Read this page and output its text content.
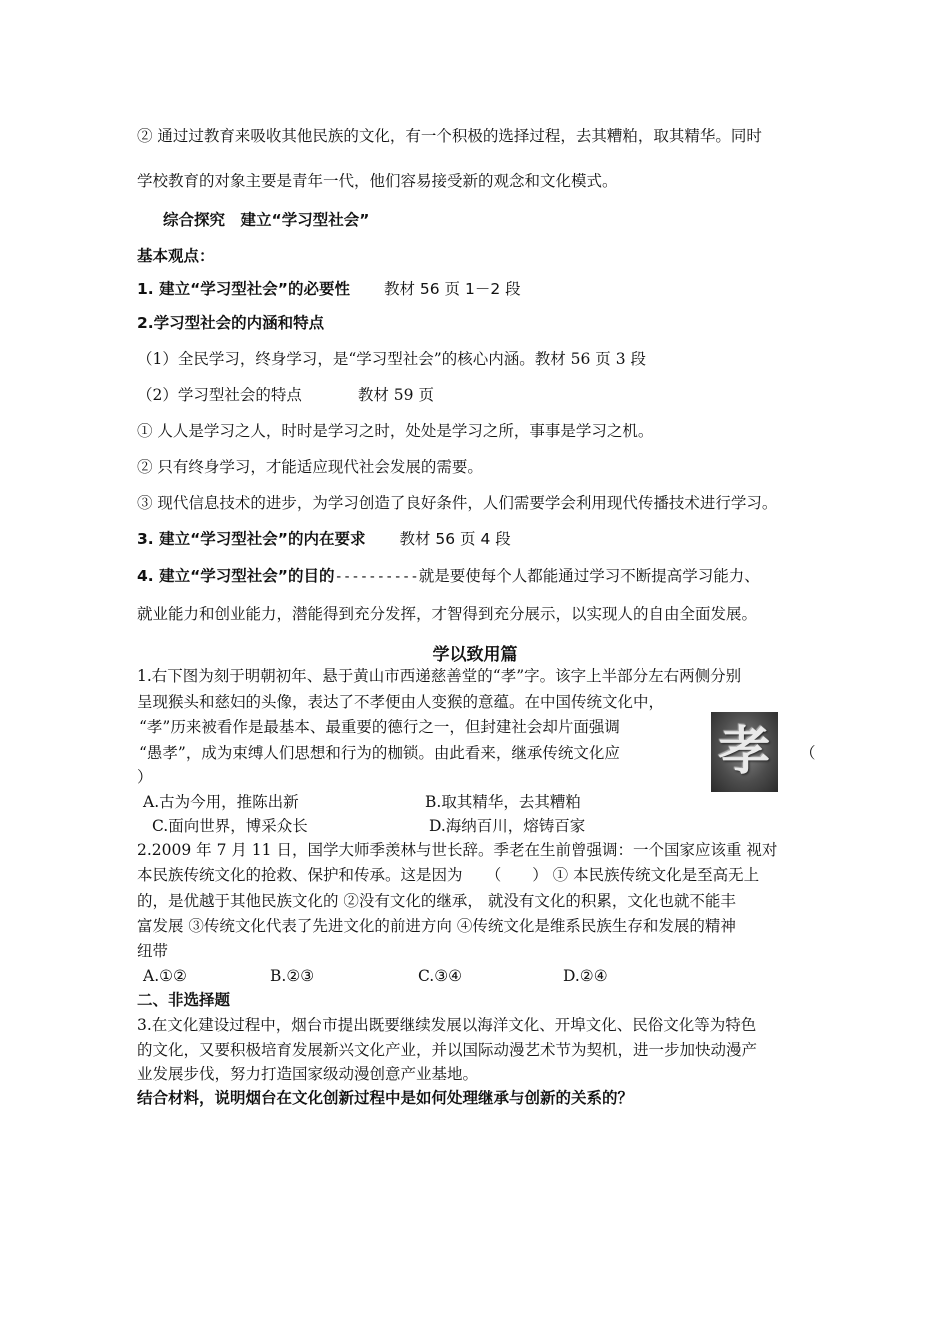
② 通过过教育来吸收其他民族的文化，有一个积极的选择过程，去其糟粕，取其精华。同时
学校教育的对象主要是青年一代，他们容易接受新的观念和文化模式。
综合探究　建立“学习型社会”
基本观点：
1. 建立“学习型社会”的必要性 教材 56 页 1－2 段
2.学习型社会的内涵和特点
（1）全民学习，终身学习，是“学习型社会”的核心内涵。教材 56 页 3 段
（2）学习型社会的特点	教材 59 页
① 人人是学习之人，时时是学习之时，处处是学习之所，事事是学习之机。
② 只有终身学习，才能适应现代社会发展的需要。
③ 现代信息技术的进步，为学习创造了良好条件，人们需要学会利用现代传播技术进行学习。
3. 建立“学习型社会”的内在要求 教材 56 页 4 段
4. 建立“学习型社会”的目的----------就是要使每个人都能通过学习不断提高学习能力、
就业能力和创业能力，潜能得到充分发挥，才智得到充分展示，以实现人的自由全面发展。
学以致用篇
1.右下图为刻于明朝初年、悬于黄山市西递慈善堂的“孝”字。该字上半部分左右两侧分别
呈现猴头和慈妇的头像，表达了不孝便由人变猴的意蕴。在中国传统文化中，
“孝”历来被看作是最基本、最重要的德行之一，但封建社会却片面强调
“愚孝”，成为束缚人们思想和行为的枷锁。由此看来，继承传统文化应	（
）	孝
A.古为今用，推陈出新	B.取其精华，去其糟粕
C.面向世界，博采众长	D.海纳百川，熔铸百家
2.2009 年 7 月 11 日，国学大师季羡林与世长辞。季老在生前曾强调：一个国家应该重 视对
本民族传统文化的抢救、保护和传承。这是因为　　（　　） ① 本民族传统文化是至高无上
的，是优越于其他民族文化的 ②没有文化的继承， 就没有文化的积累，文化也就不能丰
富发展 ③传统文化代表了先进文化的前进方向 ④传统文化是维系民族生存和发展的精神
纽带
A.①②	B.②③	C.③④	D.②④
二、非选择题
3.在文化建设过程中，烟台市提出既要继续发展以海洋文化、开埠文化、民俗文化等为特色
的文化，又要积极培育发展新兴文化产业，并以国际动漫艺术节为契机，进一步加快动漫产
业发展步伐，努力打造国家级动漫创意产业基地。
结合材料，说明烟台在文化创新过程中是如何处理继承与创新的关系的？
